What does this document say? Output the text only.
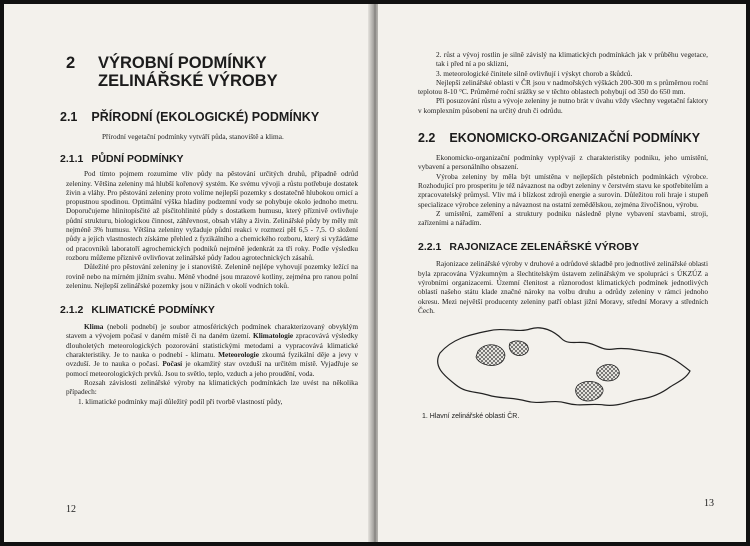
2 VÝROBNÍ PODMÍNKY
ZELINÁŘSKÉ VÝROBY
2.1 PŘÍRODNÍ (EKOLOGICKÉ) PODMÍNKY

Přírodní vegetační podmínky vytváří půda, stanoviště a klima.

2.1.1 PŮDNÍ PODMÍNKY

Pod tímto pojmem rozumíme vliv půdy na pěstování určitých druhů, případně odrůd zeleniny. Většina zeleniny má hlubší kořenový systém. Ke svému vývoji a růstu potřebuje dostatek živin a vláhy. Pro pěstování zeleniny proto volíme nejlepší pozemky s dostatečně hlubokou ornicí a propustnou spodinou. Optimální výška hladiny podzemní vody se pohybuje okolo jednoho metru. Doporučujeme hlinitopísčité až písčitohlinité půdy s dostatkem humusu, který příznivě ovlivňuje půdní strukturu, biologickou činnost, záhřevnost, obsah vláhy a živin. Zelinářské půdy by měly mít nejméně 3% humusu. Většina zeleniny vyžaduje půdní reakci v rozmezí pH 6,5 - 7,5. O složení půdy a jejích vlastnostech získáme přehled z fyzikálního a chemického rozboru, který si vyžádáme od pracovníků laboratoří agrochemických podniků nejméně jedenkrát za tři roky. Podle výsledku rozboru můžeme příznivě ovlivňovat zelinářské půdy řadou agrotechnických zásahů.

Důležité pro pěstování zeleniny je i stanoviště. Zelenině nejlépe vyhovují pozemky ležící na rovině nebo na mírném jižním svahu. Méně vhodné jsou mrazové kotliny, zejména pro ranou polní zeleninu. Nejlepší zelinářské pozemky jsou v nížinách v okolí vodních toků.

2.1.2 KLIMATICKÉ PODMÍNKY

Klima (neboli podnebí) je soubor atmosférických podmínek charakterizovaný obvyklým stavem a vývojem počasí v daném místě či na daném území. Klimatologie zpracovává výsledky dlouholetých meteorologických pozorování statistickými metodami a vypracovává klimatické charakteristiky. Je to nauka o podnebí - klimatu. Meteorologie zkoumá fyzikální děje a jevy v ovzduší. Je to nauka o počasí. Počasí je okamžitý stav ovzduší na určitém místě. Vyjadřuje se pomocí meteorologických prvků. Jsou to světlo, teplo, vzduch a jeho proudění, voda.

Rozsah závislosti zelinářské výroby na klimatických podmínkách lze uvést na několika případech:

1. klimatické podmínky mají důležitý podíl při tvorbě vlastností půdy,
12
2. růst a vývoj rostlin je silně závislý na klimatických podmínkách jak v průběhu vegetace, tak i před ní a po sklizni,
3. meteorologické činitele silně ovlivňují i výskyt chorob a škůdců.

Nejlepší zelinářské oblasti v ČR jsou v nadmořských výškách 200-300 m s průměrnou roční teplotou 8-10 °C. Průměrné roční srážky se v těchto oblastech pohybují od 350 do 650 mm.

Při posuzování růstu a vývoje zeleniny je nutno brát v úvahu vždy všechny vegetační faktory v komplexním působení na určitý druh či odrůdu.

2.2 EKONOMICKO-ORGANIZAČNÍ PODMÍNKY

Ekonomicko-organizační podmínky vyplývají z charakteristiky podniku, jeho umístění, vybavení a personálního obsazení.

Výroba zeleniny by měla být umístěna v nejlepších pěstebních podmínkách výrobce. Rozhodující pro prosperitu je též návaznost na odbyt zeleniny v čerstvém stavu ke spotřebitelům a zpracovatelský průmysl. Vliv má i blízkost zdrojů energie a surovin. Důležitou roli hraje i stupeň specializace výrobce zeleniny a návaznost na ostatní zemědělskou, zejména živočišnou, výrobu.

Z umístění, zaměření a struktury podniku následně plyne vybavení stavbami, stroji, zařízeními a nářadím.

2.2.1 RAJONIZACE ZELENÁŘSKÉ VÝROBY

Rajonizace zelinářské výroby v druhové a odrůdové skladbě pro jednotlivé zelinářské oblasti byla zpracována Výzkumným a šlechtitelským ústavem zelinářským ve spolupráci s ÚKZÚZ a výrobními organizacemi. Územní členitost a různorodost klimatických podmínek jednotlivých oblastí našeho státu klade značné nároky na volbu druhu a odrůdy zeleniny v rámci jednoho okresu. Mezi největší producenty zeleniny patří oblast jižní Moravy, střední Moravy a středních Čech.

1. Hlavní zelinářské oblasti ČR.
13
